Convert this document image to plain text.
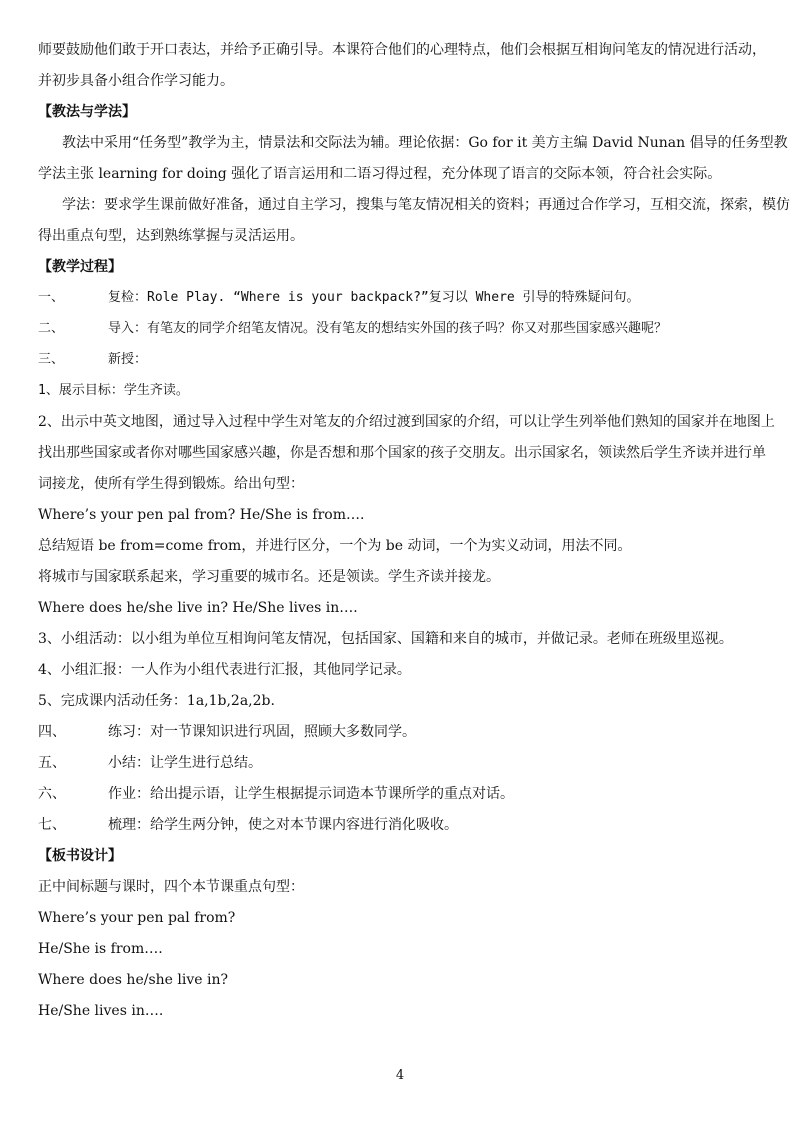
师要鼓励他们敢于开口表达，并给予正确引导。本课符合他们的心理特点，他们会根据互相询问笔友的情况进行活动，
并初步具备小组合作学习能力。
【教法与学法】
教法中采用“任务型”教学为主，情景法和交际法为辅。理论依据：Go for it 美方主编 David Nunan 倡导的任务型教
学法主张 learning for doing 强化了语言运用和二语习得过程，充分体现了语言的交际本领，符合社会实际。
学法：要求学生课前做好准备，通过自主学习，搜集与笔友情况相关的资料；再通过合作学习，互相交流，探索，模仿
得出重点句型，达到熟练掌握与灵活运用。
【教学过程】
一、	复检：Role Play. “Where is your backpack?”复习以 Where 引导的特殊疑问句。
二、	导入：有笔友的同学介绍笔友情况。没有笔友的想结实外国的孩子吗？你又对那些国家感兴趣呢？
三、	新授：
1、展示目标：学生齐读。
2、出示中英文地图，通过导入过程中学生对笔友的介绍过渡到国家的介绍，可以让学生列举他们熟知的国家并在地图上
找出那些国家或者你对哪些国家感兴趣，你是否想和那个国家的孩子交朋友。出示国家名，领读然后学生齐读并进行单
词接龙，使所有学生得到锻炼。给出句型：
Where’s your pen pal from? He/She is from….
总结短语 be from=come from，并进行区分，一个为 be 动词，一个为实义动词，用法不同。
将城市与国家联系起来，学习重要的城市名。还是领读。学生齐读并接龙。
Where does he/she live in? He/She lives in….
3、小组活动：以小组为单位互相询问笔友情况，包括国家、国籍和来自的城市，并做记录。老师在班级里巡视。
4、小组汇报：一人作为小组代表进行汇报，其他同学记录。
5、完成课内活动任务：1a,1b,2a,2b.
四、	练习：对一节课知识进行巩固，照顾大多数同学。
五、	小结：让学生进行总结。
六、	作业：给出提示语，让学生根据提示词造本节课所学的重点对话。
七、	梳理：给学生两分钟，使之对本节课内容进行消化吸收。
【板书设计】
正中间标题与课时，四个本节课重点句型：
Where’s your pen pal from?
He/She is from….
Where does he/she live in?
He/She lives in….
4
